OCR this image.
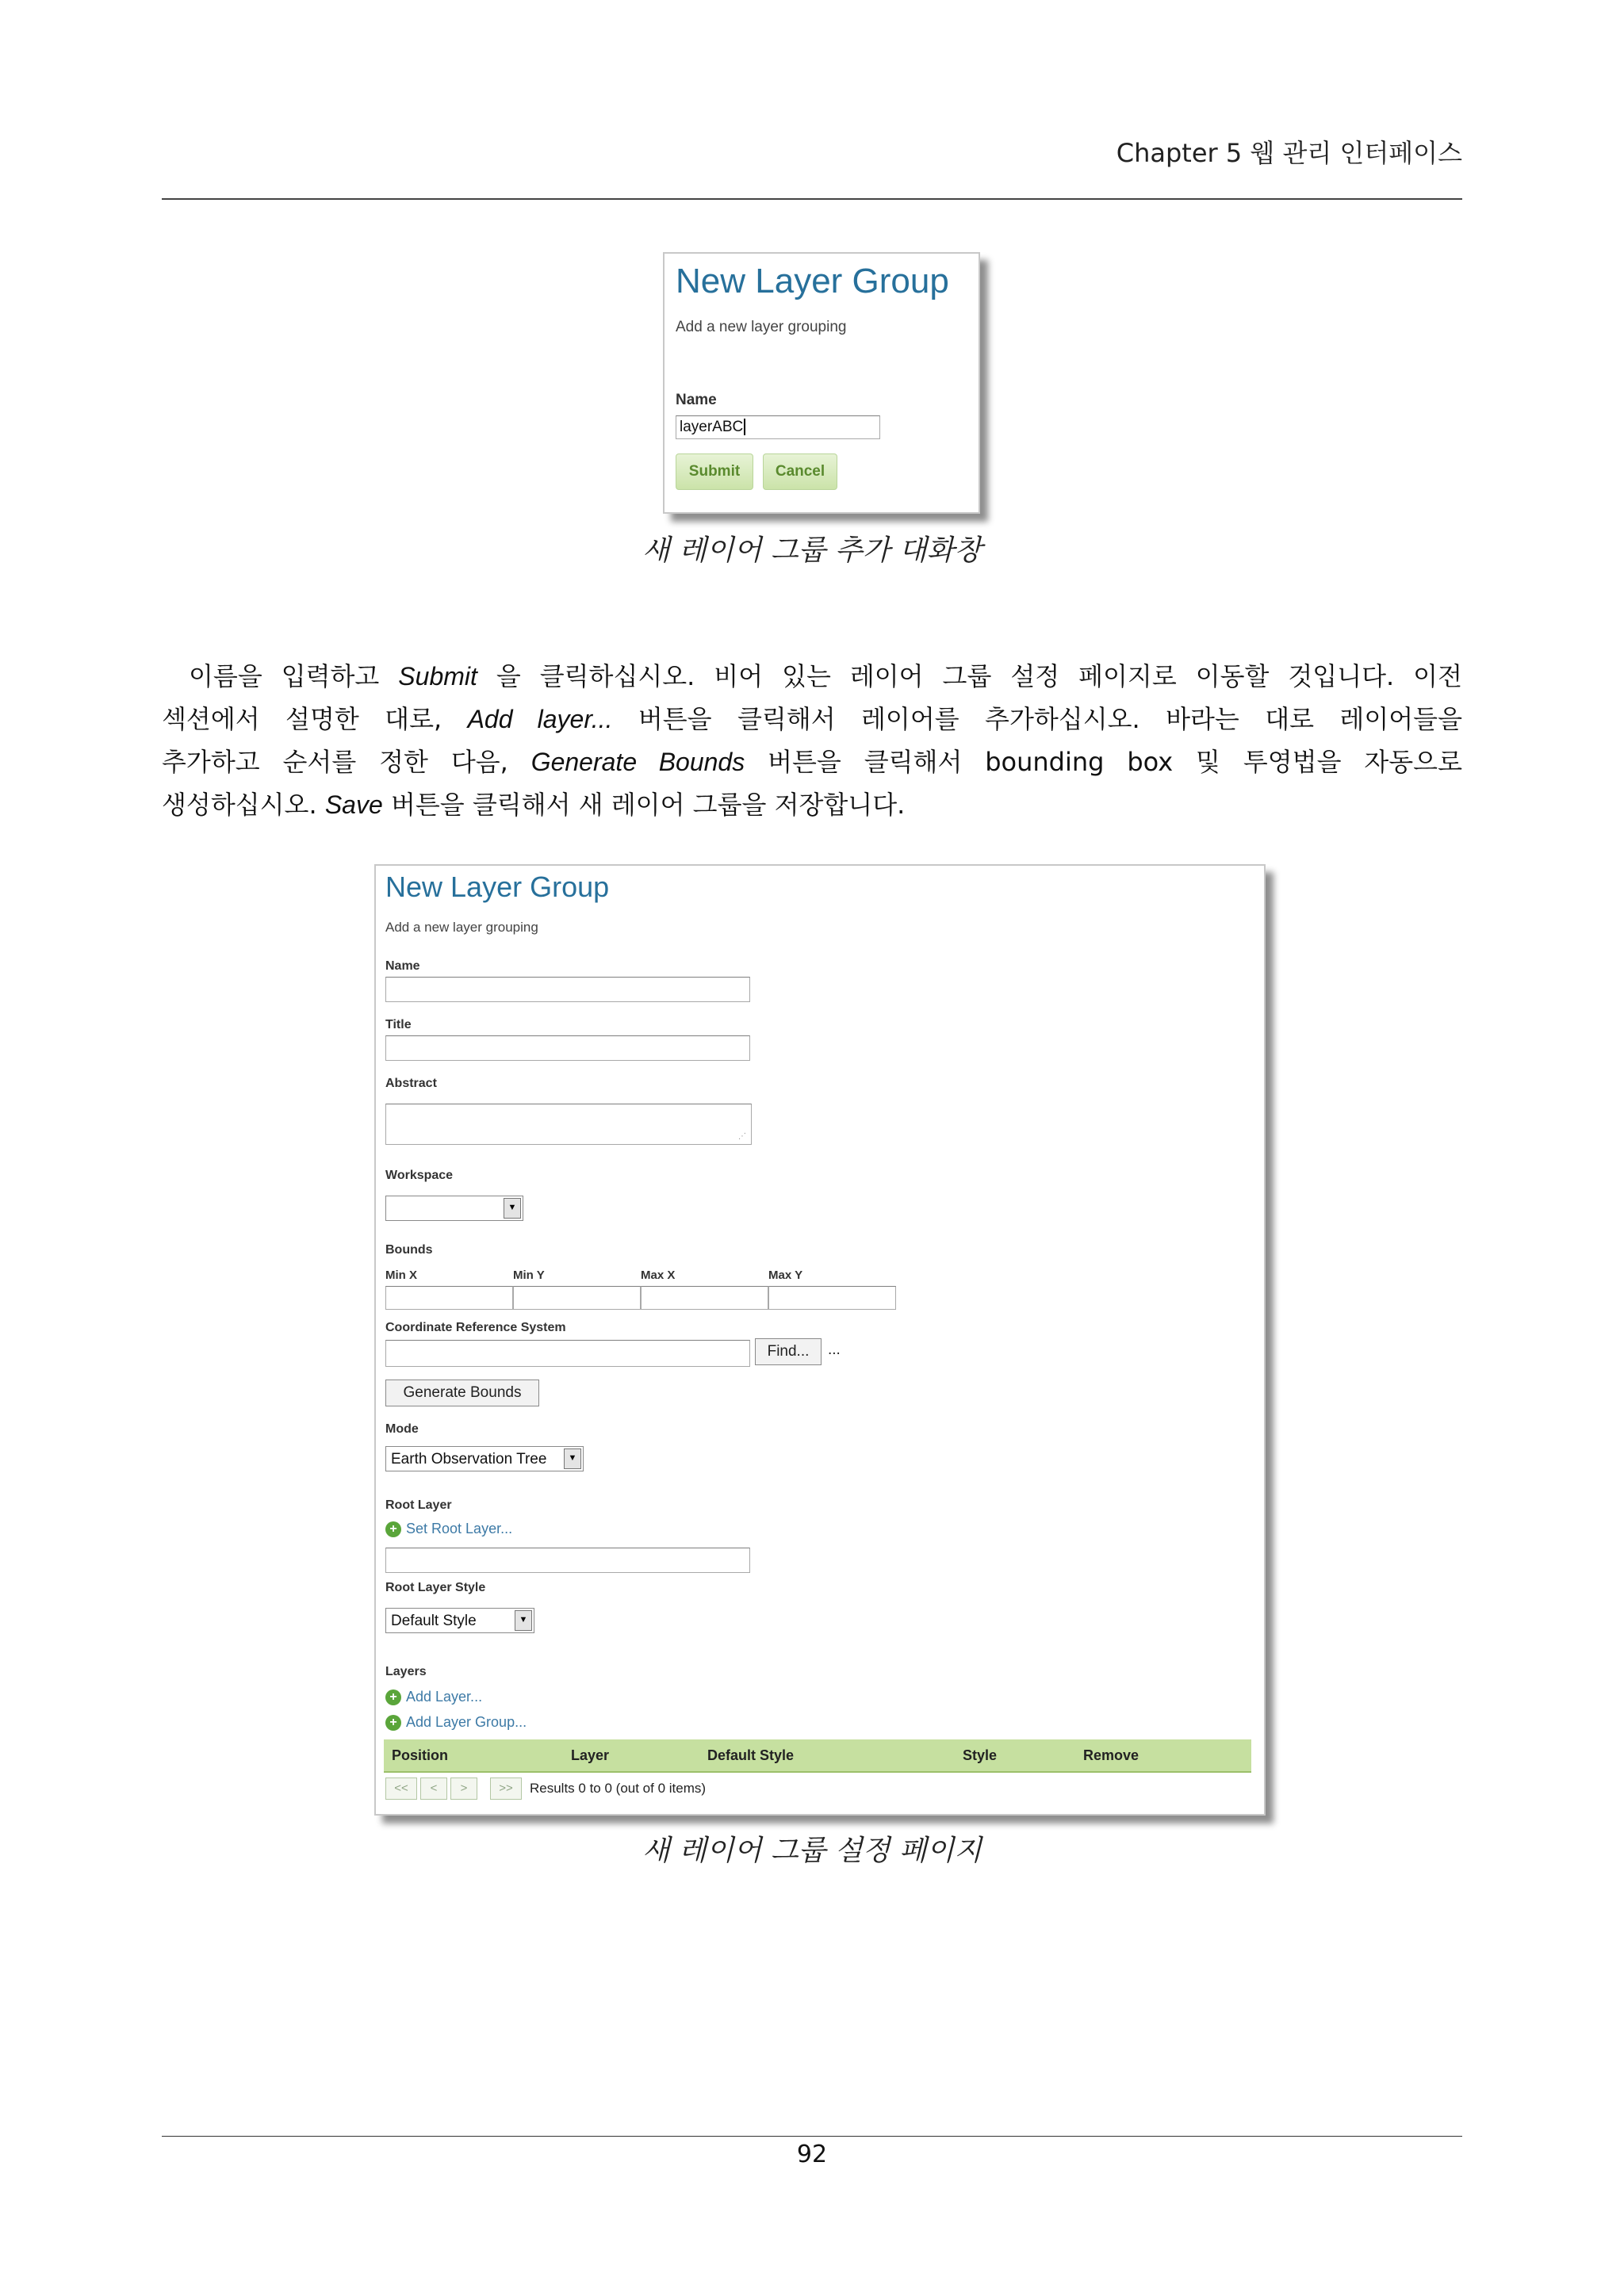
Chapter 5 웹 관리 인터페이스
New Layer Group
Add a new layer grouping
Name
layerABC
Submit	Cancel
새 레이어 그룹 추가 대화창
이름을 입력하고 Submit 을 클릭하십시오. 비어 있는 레이어 그룹 설정 페이지로 이동할 것입니다. 이전
섹션에서 설명한 대로, Add layer... 버튼을 클릭해서 레이어를 추가하십시오. 바라는 대로 레이어들을
추가하고 순서를 정한 다음, Generate Bounds 버튼을 클릭해서 bounding box 및 투영법을 자동으로
생성하십시오. Save 버튼을 클릭해서 새 레이어 그룹을 저장합니다.
New Layer Group
Add a new layer grouping
Name
Title
Abstract
⋰
Workspace
▼
Bounds
Min X	Min Y	Max X	Max Y
Coordinate Reference System
Find...	...
Generate Bounds
Mode
Earth Observation Tree	▼
Root Layer
+ Set Root Layer...
Root Layer Style
Default Style	▼
Layers
+ Add Layer...
+ Add Layer Group...
Position	Layer	Default Style	Style	Remove
<<	<	>	>>	Results 0 to 0 (out of 0 items)
새 레이어 그룹 설정 페이지
92
